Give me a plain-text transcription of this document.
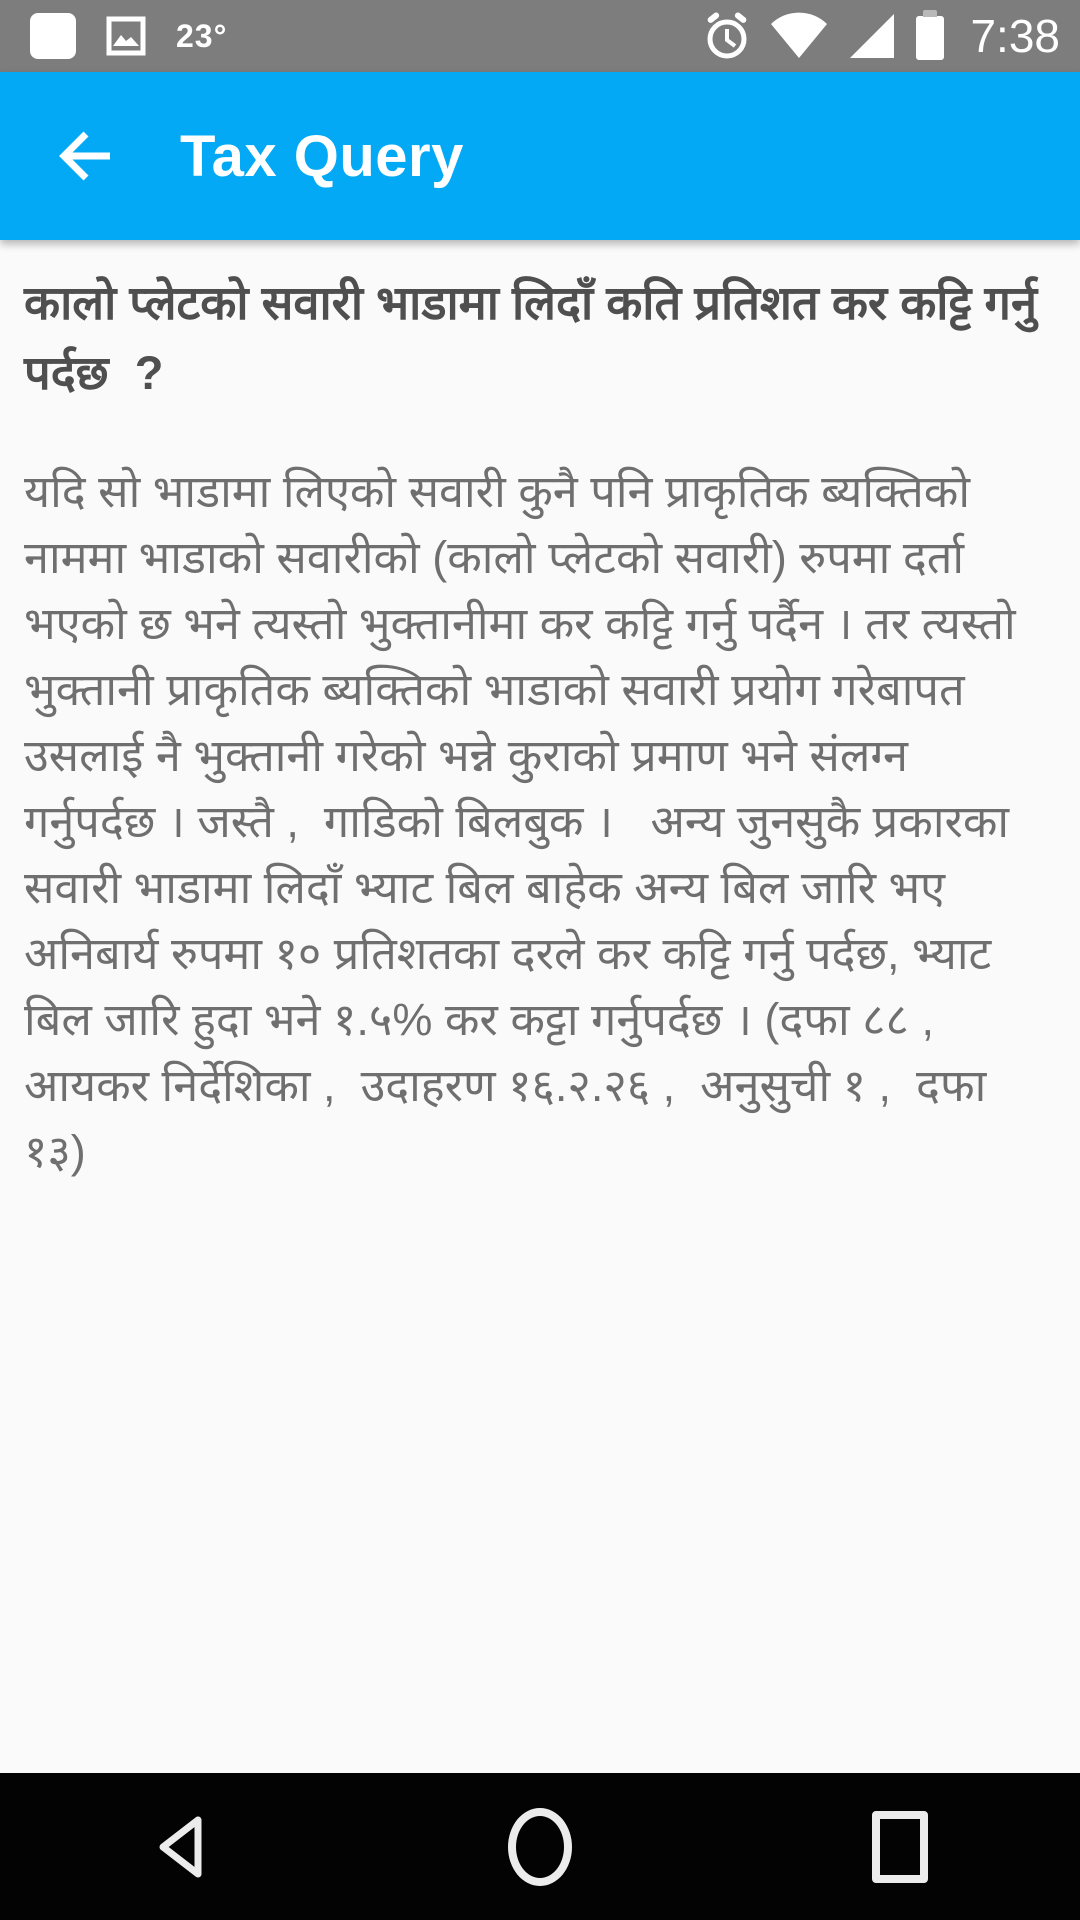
23°	7:38
Tax Query
कालो प्लेटको सवारी भाडामा लिदाँ कति प्रतिशत कर कट्टि गर्नु पर्दछ  ?

यदि सो भाडामा लिएको सवारी कुनै पनि प्राकृतिक ब्यक्तिको नाममा भाडाको सवारीको (कालो प्लेटको सवारी) रुपमा दर्ता भएको छ भने त्यस्तो भुक्तानीमा कर कट्टि गर्नु पर्दैन । तर त्यस्तो भुक्तानी प्राकृतिक ब्यक्तिको भाडाको सवारी प्रयोग गरेबापत उसलाई नै भुक्तानी गरेको भन्ने कुराको प्रमाण भने संलग्न गर्नुपर्दछ । जस्तै ,  गाडिको बिलबुक ।   अन्य जुनसुकै प्रकारका सवारी भाडामा लिदाँ भ्याट बिल बाहेक अन्य बिल जारि भए अनिबार्य रुपमा १० प्रतिशतका दरले कर कट्टि गर्नु पर्दछ, भ्याट बिल जारि हुदा भने १.५% कर कट्टा गर्नुपर्दछ । (दफा ८८ ,  आयकर निर्देशिका ,  उदाहरण १६.२.२६ ,  अनुसुची १ ,  दफा १३)
